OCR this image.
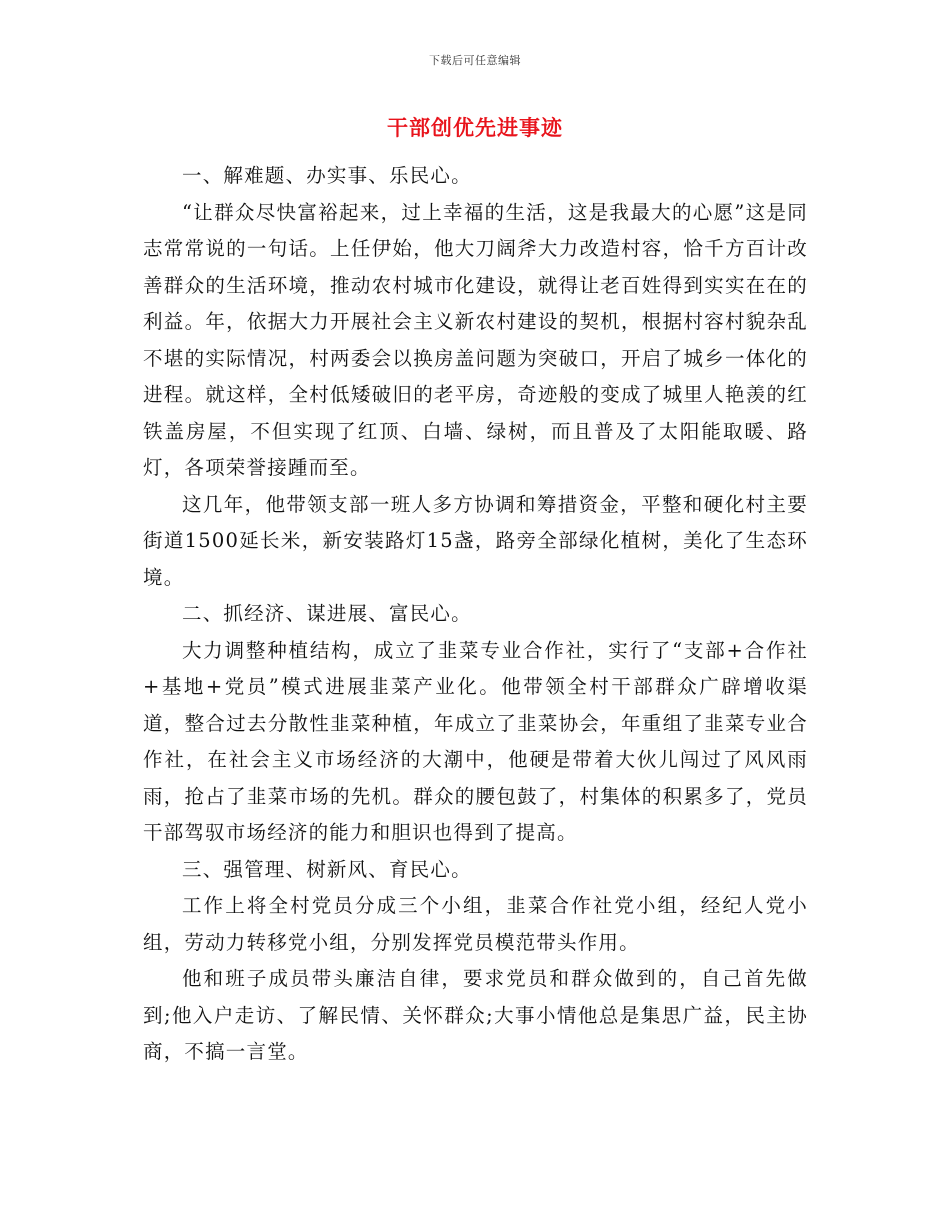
下载后可任意编辑
干部创优先进事迹

一、解难题、办实事、乐民心。

“让群众尽快富裕起来，过上幸福的生活，这是我最大的心愿”这是同志常常说的一句话。上任伊始，他大刀阔斧大力改造村容，恰千方百计改善群众的生活环境，推动农村城市化建设，就得让老百姓得到实实在在的利益。年，依据大力开展社会主义新农村建设的契机，根据村容村貌杂乱不堪的实际情况，村两委会以换房盖问题为突破口，开启了城乡一体化的进程。就这样，全村低矮破旧的老平房，奇迹般的变成了城里人艳羡的红铁盖房屋，不但实现了红顶、白墙、绿树，而且普及了太阳能取暖、路灯，各项荣誉接踵而至。

这几年，他带领支部一班人多方协调和筹措资金，平整和硬化村主要街道1500延长米，新安装路灯15盏，路旁全部绿化植树，美化了生态环境。

二、抓经济、谋进展、富民心。

大力调整种植结构，成立了韭菜专业合作社，实行了“支部+合作社+基地+党员”模式进展韭菜产业化。他带领全村干部群众广辟增收渠道，整合过去分散性韭菜种植，年成立了韭菜协会，年重组了韭菜专业合作社，在社会主义市场经济的大潮中，他硬是带着大伙儿闯过了风风雨雨，抢占了韭菜市场的先机。群众的腰包鼓了，村集体的积累多了，党员干部驾驭市场经济的能力和胆识也得到了提高。

三、强管理、树新风、育民心。

工作上将全村党员分成三个小组，韭菜合作社党小组，经纪人党小组，劳动力转移党小组，分别发挥党员模范带头作用。

他和班子成员带头廉洁自律，要求党员和群众做到的，自己首先做到;他入户走访、了解民情、关怀群众;大事小情他总是集思广益，民主协商，不搞一言堂。
